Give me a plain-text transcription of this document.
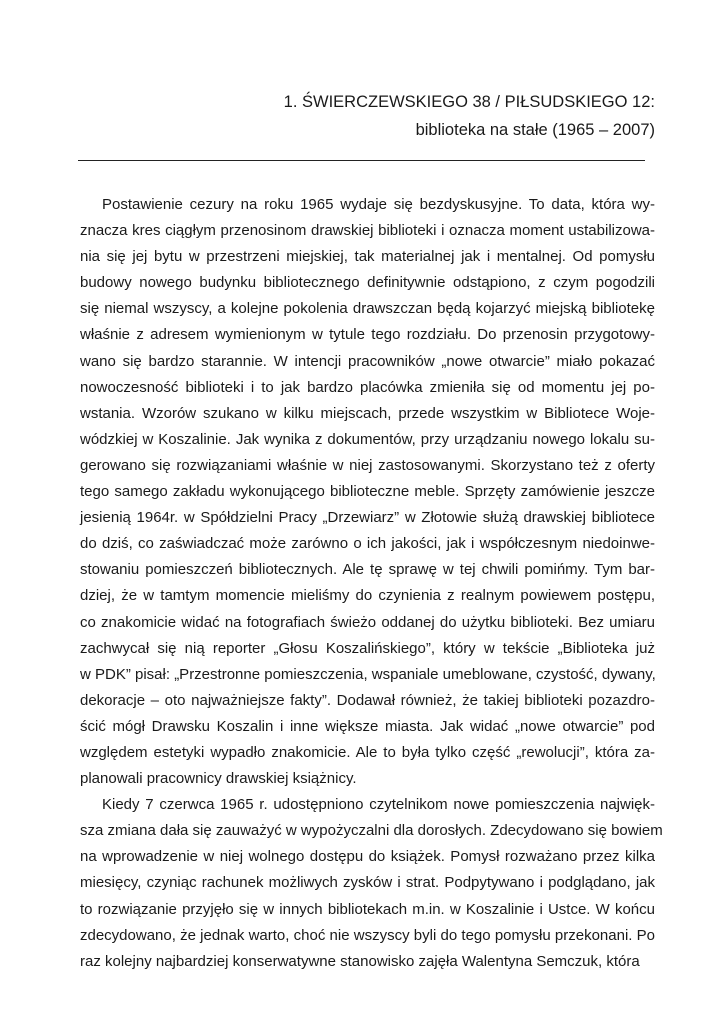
1. ŚWIERCZEWSKIEGO 38 / PIŁSUDSKIEGO 12:
biblioteka na stałe (1965 – 2007)
Postawienie cezury na roku 1965 wydaje się bezdyskusyjne. To data, która wy-
znacza kres ciągłym przenosinom drawskiej biblioteki i oznacza moment ustabilizowa-
nia się jej bytu w przestrzeni miejskiej, tak materialnej jak i mentalnej. Od pomysłu
budowy nowego budynku bibliotecznego definitywnie odstąpiono, z czym pogodzili
się niemal wszyscy, a kolejne pokolenia drawszczan będą kojarzyć miejską bibliotekę
właśnie z adresem wymienionym w tytule tego rozdziału. Do przenosin przygotowy-
wano się bardzo starannie. W intencji pracowników „nowe otwarcie” miało pokazać
nowoczesność biblioteki i to jak bardzo placówka zmieniła się od momentu jej po-
wstania. Wzorów szukano w kilku miejscach, przede wszystkim w Bibliotece Woje-
wódzkiej w Koszalinie. Jak wynika z dokumentów, przy urządzaniu nowego lokalu su-
gerowano się rozwiązaniami właśnie w niej zastosowanymi. Skorzystano też z oferty
tego samego zakładu wykonującego biblioteczne meble. Sprzęty zamówienie jeszcze
jesienią 1964r. w Spółdzielni Pracy „Drzewiarz” w Złotowie służą drawskiej bibliotece
do dziś, co zaświadczać może zarówno o ich jakości, jak i współczesnym niedoinwe-
stowaniu pomieszczeń bibliotecznych. Ale tę sprawę w tej chwili pomińmy. Tym bar-
dziej, że w tamtym momencie mieliśmy do czynienia z realnym powiewem postępu,
co znakomicie widać na fotografiach świeżo oddanej do użytku biblioteki. Bez umiaru
zachwycał się nią reporter „Głosu Koszalińskiego”, który w tekście „Biblioteka już
w PDK” pisał: „Przestronne pomieszczenia, wspaniale umeblowane, czystość, dywany,
dekoracje – oto najważniejsze fakty”. Dodawał również, że takiej biblioteki pozazdro-
ścić mógł Drawsku Koszalin i inne większe miasta. Jak widać „nowe otwarcie” pod
względem estetyki wypadło znakomicie. Ale to była tylko część „rewolucji”, która za-
planowali pracownicy drawskiej książnicy.
Kiedy 7 czerwca 1965 r. udostępniono czytelnikom nowe pomieszczenia najwięk-
sza zmiana dała się zauważyć w wypożyczalni dla dorosłych. Zdecydowano się bowiem
na wprowadzenie w niej wolnego dostępu do książek. Pomysł rozważano przez kilka
miesięcy, czyniąc rachunek możliwych zysków i strat. Podpytywano i podglądano, jak
to rozwiązanie przyjęło się w innych bibliotekach m.in. w Koszalinie i Ustce. W końcu
zdecydowano, że jednak warto, choć nie wszyscy byli do tego pomysłu przekonani. Po
raz kolejny najbardziej konserwatywne stanowisko zajęła Walentyna Semczuk, która
